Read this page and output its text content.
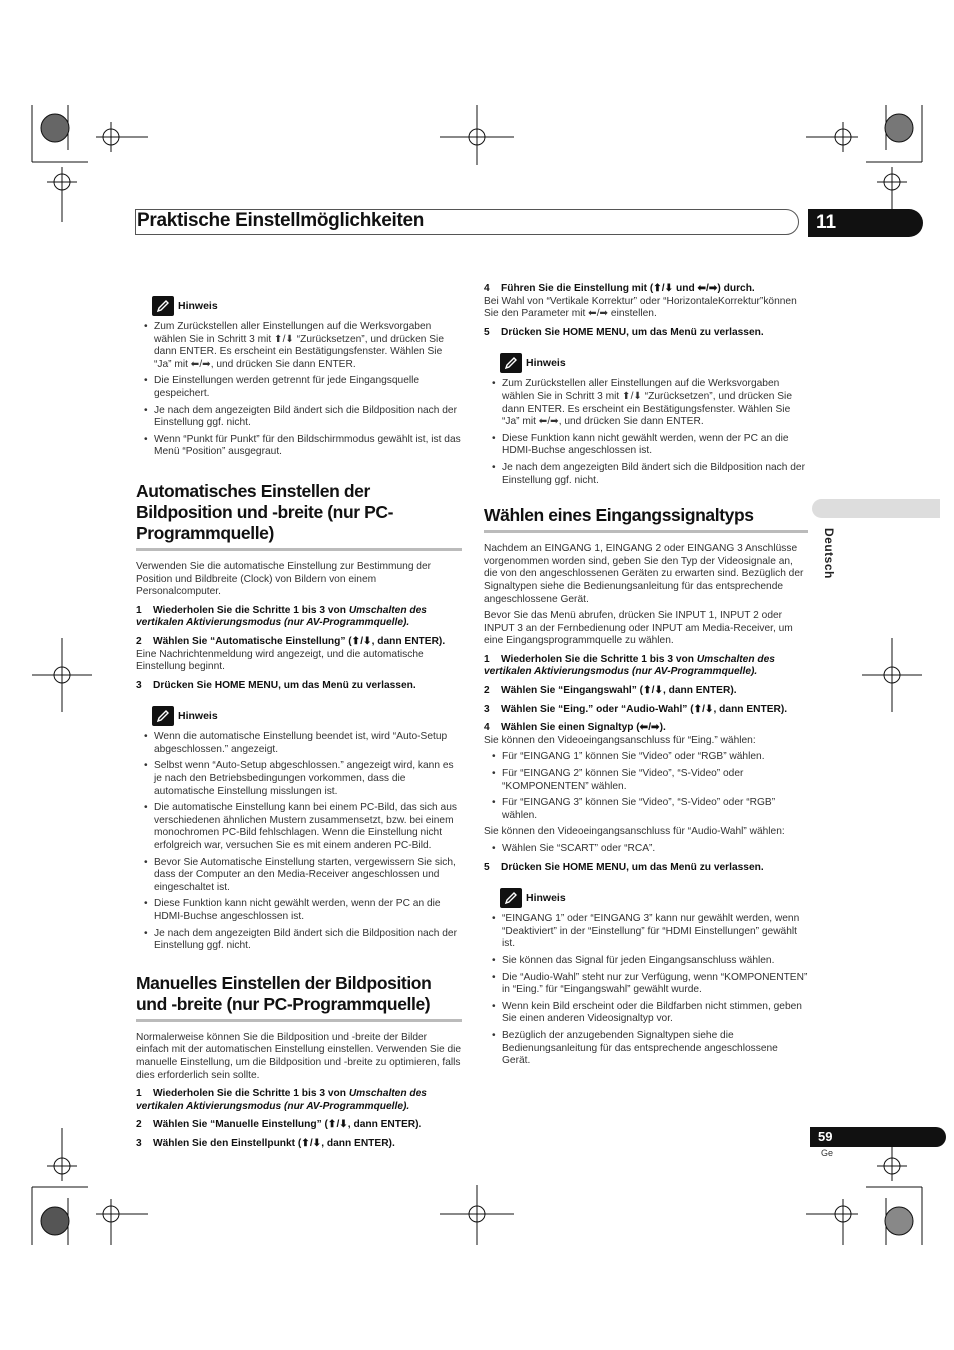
Praktische Einstellmöglichkeiten	11
Deutsch
59
Ge
Hinweis
• Zum Zurückstellen aller Einstellungen auf die Werksvorgaben wählen Sie in Schritt 3 mit ⬆/⬇ “Zurücksetzen”, und drücken Sie dann ENTER. Es erscheint ein Bestätigungsfenster. Wählen Sie “Ja” mit ⬅/➡, und drücken Sie dann ENTER.
• Die Einstellungen werden getrennt für jede Eingangsquelle gespeichert.
• Je nach dem angezeigten Bild ändert sich die Bildposition nach der Einstellung ggf. nicht.
• Wenn “Punkt für Punkt” für den Bildschirmmodus gewählt ist, ist das Menü “Position” ausgegraut.

Automatisches Einstellen der Bildposition und -breite (nur PC-Programmquelle)

Verwenden Sie die automatische Einstellung zur Bestimmung der Position und Bildbreite (Clock) von Bildern von einem Personalcomputer.

1 Wiederholen Sie die Schritte 1 bis 3 von Umschalten des vertikalen Aktivierungsmodus (nur AV-Programmquelle).

2 Wählen Sie “Automatische Einstellung” (⬆/⬇, dann ENTER).

Eine Nachrichtenmeldung wird angezeigt, und die automatische Einstellung beginnt.

3 Drücken Sie HOME MENU, um das Menü zu verlassen.

Hinweis
• Wenn die automatische Einstellung beendet ist, wird “Auto-Setup abgeschlossen.” angezeigt.
• Selbst wenn “Auto-Setup abgeschlossen.” angezeigt wird, kann es je nach den Betriebsbedingungen vorkommen, dass die automatische Einstellung misslungen ist.
• Die automatische Einstellung kann bei einem PC-Bild, das sich aus verschiedenen ähnlichen Mustern zusammensetzt, bzw. bei einem monochromen PC-Bild fehlschlagen. Wenn die Einstellung nicht erfolgreich war, versuchen Sie es mit einem anderen PC-Bild.
• Bevor Sie Automatische Einstellung starten, vergewissern Sie sich, dass der Computer an den Media-Receiver angeschlossen und eingeschaltet ist.
• Diese Funktion kann nicht gewählt werden, wenn der PC an die HDMI-Buchse angeschlossen ist.
• Je nach dem angezeigten Bild ändert sich die Bildposition nach der Einstellung ggf. nicht.

Manuelles Einstellen der Bildposition und -breite (nur PC-Programmquelle)

Normalerweise können Sie die Bildposition und -breite der Bilder einfach mit der automatischen Einstellung einstellen. Verwenden Sie die manuelle Einstellung, um die Bildposition und -breite zu optimieren, falls dies erforderlich sein sollte.

1 Wiederholen Sie die Schritte 1 bis 3 von Umschalten des vertikalen Aktivierungsmodus (nur AV-Programmquelle).

2 Wählen Sie “Manuelle Einstellung” (⬆/⬇, dann ENTER).

3 Wählen Sie den Einstellpunkt (⬆/⬇, dann ENTER).

4 Führen Sie die Einstellung mit (⬆/⬇ und ⬅/➡) durch.

Bei Wahl von “Vertikale Korrektur” oder “HorizontaleKorrektur”können Sie den Parameter mit ⬅/➡ einstellen.

5 Drücken Sie HOME MENU, um das Menü zu verlassen.

Hinweis
• Zum Zurückstellen aller Einstellungen auf die Werksvorgaben wählen Sie in Schritt 3 mit ⬆/⬇ “Zurücksetzen”, und drücken Sie dann ENTER. Es erscheint ein Bestätigungsfenster. Wählen Sie “Ja” mit ⬅/➡, und drücken Sie dann ENTER.
• Diese Funktion kann nicht gewählt werden, wenn der PC an die HDMI-Buchse angeschlossen ist.
• Je nach dem angezeigten Bild ändert sich die Bildposition nach der Einstellung ggf. nicht.

Wählen eines Eingangssignaltyps

Nachdem an EINGANG 1, EINGANG 2 oder EINGANG 3 Anschlüsse vorgenommen worden sind, geben Sie den Typ der Videosignale an, die von den angeschlossenen Geräten zu erwarten sind. Bezüglich der Signaltypen siehe die Bedienungsanleitung für das entsprechende angeschlossene Gerät.

Bevor Sie das Menü abrufen, drücken Sie INPUT 1, INPUT 2 oder INPUT 3 an der Fernbedienung oder INPUT am Media-Receiver, um eine Eingangsprogrammquelle zu wählen.

1 Wiederholen Sie die Schritte 1 bis 3 von Umschalten des vertikalen Aktivierungsmodus (nur AV-Programmquelle).

2 Wählen Sie “Eingangswahl” (⬆/⬇, dann ENTER).

3 Wählen Sie “Eing.” oder “Audio-Wahl” (⬆/⬇, dann ENTER).

4 Wählen Sie einen Signaltyp (⬅/➡).

Sie können den Videoeingangsanschluss für “Eing.” wählen:

• Für “EINGANG 1” können Sie “Video” oder “RGB” wählen.
• Für “EINGANG 2” können Sie “Video”, “S-Video” oder “KOMPONENTEN” wählen.
• Für “EINGANG 3” können Sie “Video”, “S-Video” oder “RGB” wählen.

Sie können den Videoeingangsanschluss für “Audio-Wahl” wählen:

• Wählen Sie “SCART” oder “RCA”.

5 Drücken Sie HOME MENU, um das Menü zu verlassen.

Hinweis
• “EINGANG 1” oder “EINGANG 3” kann nur gewählt werden, wenn “Deaktiviert” in der “Einstellung” für “HDMI Einstellungen” gewählt ist.
• Sie können das Signal für jeden Eingangsanschluss wählen.
• Die “Audio-Wahl” steht nur zur Verfügung, wenn “KOMPONENTEN” in “Eing.” für “Eingangswahl” gewählt wurde.
• Wenn kein Bild erscheint oder die Bildfarben nicht stimmen, geben Sie einen anderen Videosignaltyp vor.
• Bezüglich der anzugebenden Signaltypen siehe die Bedienungsanleitung für das entsprechende angeschlossene Gerät.
